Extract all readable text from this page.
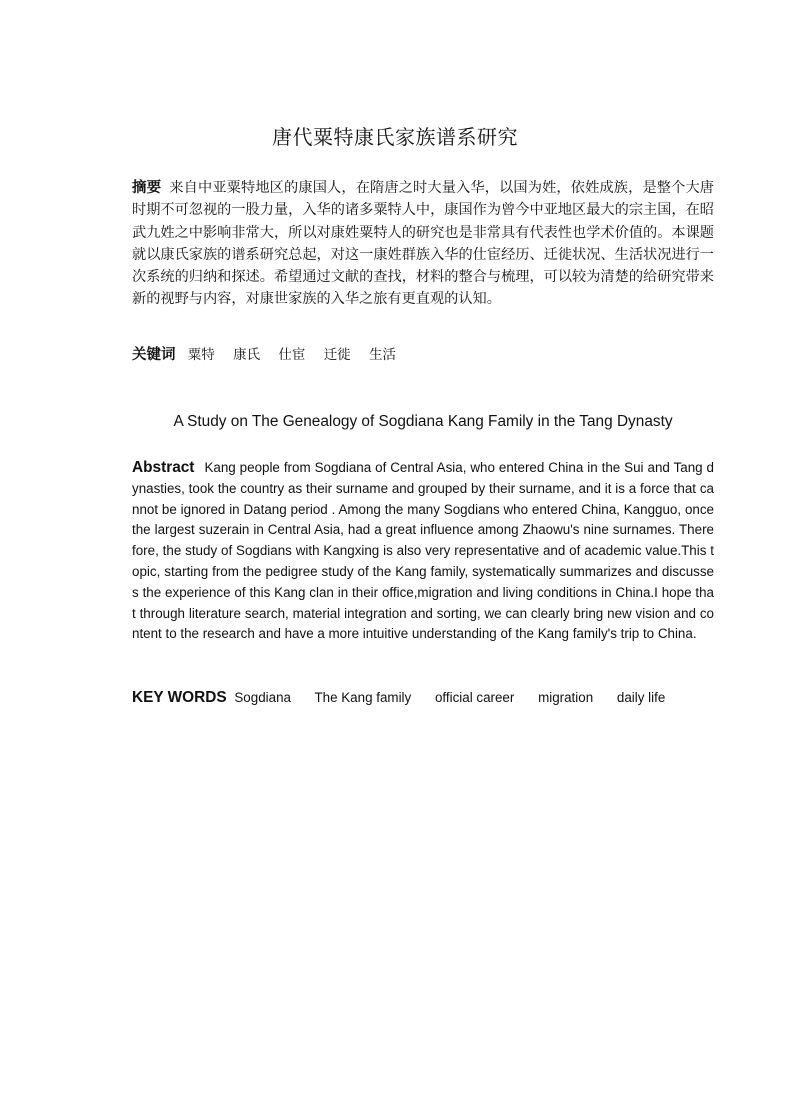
唐代粟特康氏家族谱系研究

摘要 来自中亚粟特地区的康国人，在隋唐之时大量入华，以国为姓，依姓成族，是整个大唐时期不可忽视的一股力量，入华的诸多粟特人中，康国作为曾今中亚地区最大的宗主国，在昭武九姓之中影响非常大，所以对康姓粟特人的研究也是非常具有代表性也学术价值的。本课题就以康氏家族的谱系研究总起，对这一康姓群族入华的仕宦经历、迁徙状况、生活状况进行一次系统的归纳和探述。希望通过文献的查找，材料的整合与梳理，可以较为清楚的给研究带来新的视野与内容，对康世家族的入华之旅有更直观的认知。

关键词 粟特 康氏 仕宦 迁徙 生活
A Study on The Genealogy of Sogdiana Kang Family in the Tang Dynasty

Abstract Kang people from Sogdiana of Central Asia, who entered China in the Sui and Tang dynasties, took the country as their surname and grouped by their surname, and it is a force that cannot be ignored in Datang period . Among the many Sogdians who entered China, Kangguo, once the largest suzerain in Central Asia, had a great influence among Zhaowu's nine surnames. Therefore, the study of Sogdians with Kangxing is also very representative and of academic value.This topic, starting from the pedigree study of the Kang family, systematically summarizes and discusses the experience of this Kang clan in their office,migration and living conditions in China.I hope that through literature search, material integration and sorting, we can clearly bring new vision and content to the research and have a more intuitive understanding of the Kang family's trip to China.

KEY WORDS Sogdiana The Kang family official career migration daily life
